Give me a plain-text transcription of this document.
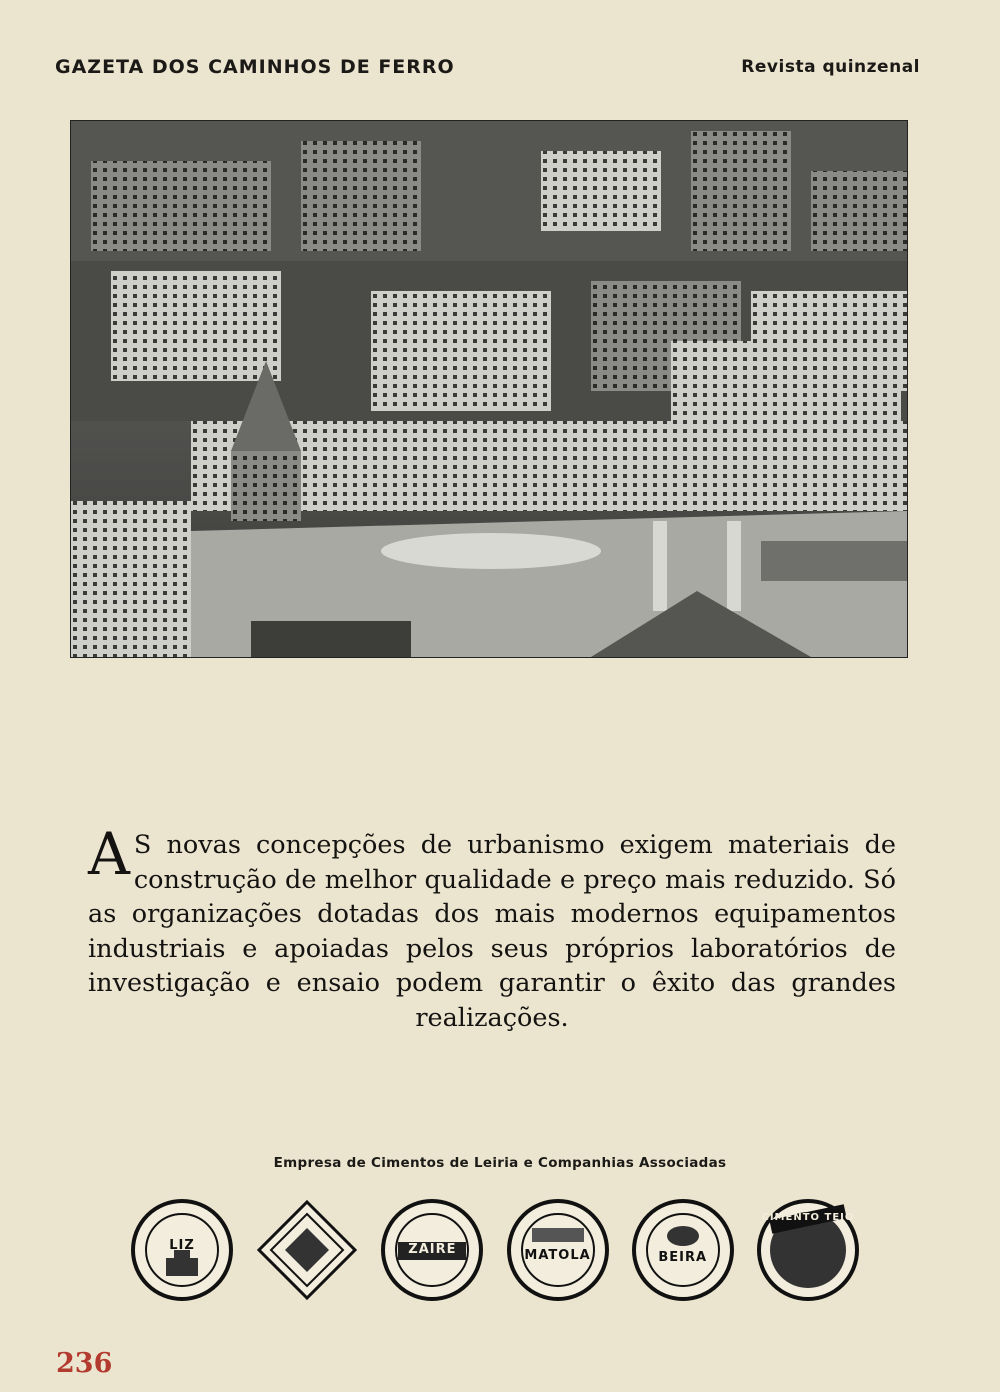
GAZETA DOS CAMINHOS DE FERRO	Revista quinzenal
A S novas concepções de urbanismo exigem materiais de construção de melhor qualidade e preço mais reduzido. Só as organizações dotadas dos mais modernos equipamentos industriais e apoiadas pelos seus próprios laboratórios de investigação e ensaio podem garantir o êxito das grandes realizações.
Empresa de Cimentos de Leiria e Companhias Associadas
LIZ	ZAIRE	MATOLA	BEIRA
CIMENTO TEJO
236
